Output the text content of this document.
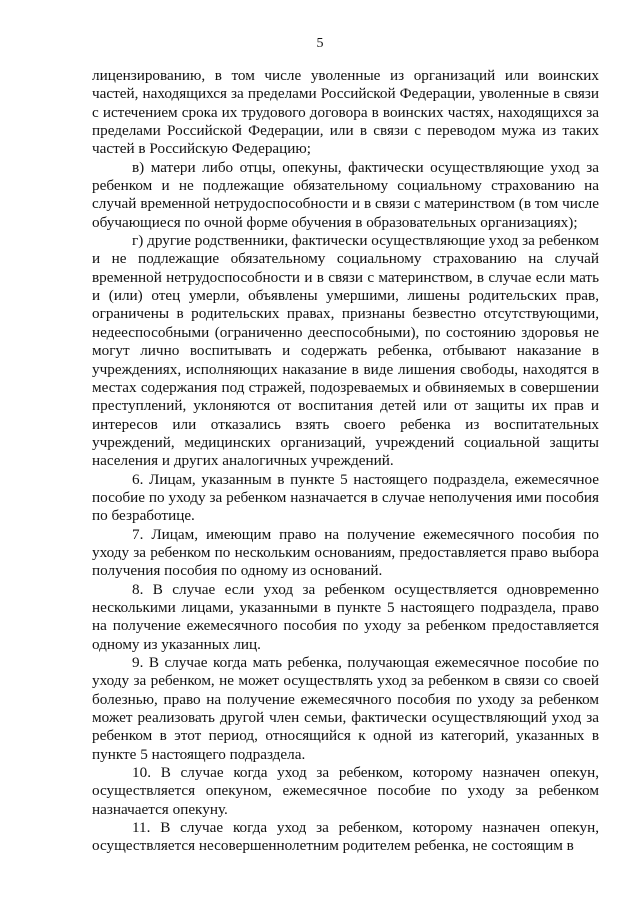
5

лицензированию, в том числе уволенные из организаций или воинских частей, находящихся за пределами Российской Федерации, уволенные в связи с истечением срока их трудового договора в воинских частях, находящихся за пределами Российской Федерации, или в связи с переводом мужа из таких частей в Российскую Федерацию;

в) матери либо отцы, опекуны, фактически осуществляющие уход за ребенком и не подлежащие обязательному социальному страхованию на случай временной нетрудоспособности и в связи с материнством (в том числе обучающиеся по очной форме обучения в образовательных организациях);

г) другие родственники, фактически осуществляющие уход за ребенком и не подлежащие обязательному социальному страхованию на случай временной нетрудоспособности и в связи с материнством, в случае если мать и (или) отец умерли, объявлены умершими, лишены родительских прав, ограничены в родительских правах, признаны безвестно отсутствующими, недееспособными (ограниченно дееспособными), по состоянию здоровья не могут лично воспитывать и содержать ребенка, отбывают наказание в учреждениях, исполняющих наказание в виде лишения свободы, находятся в местах содержания под стражей, подозреваемых и обвиняемых в совершении преступлений, уклоняются от воспитания детей или от защиты их прав и интересов или отказались взять своего ребенка из воспитательных учреждений, медицинских организаций, учреждений социальной защиты населения и других аналогичных учреждений.

6. Лицам, указанным в пункте 5 настоящего подраздела, ежемесячное пособие по уходу за ребенком назначается в случае неполучения ими пособия по безработице.

7. Лицам, имеющим право на получение ежемесячного пособия по уходу за ребенком по нескольким основаниям, предоставляется право выбора получения пособия по одному из оснований.

8. В случае если уход за ребенком осуществляется одновременно несколькими лицами, указанными в пункте 5 настоящего подраздела, право на получение ежемесячного пособия по уходу за ребенком предоставляется одному из указанных лиц.

9. В случае когда мать ребенка, получающая ежемесячное пособие по уходу за ребенком, не может осуществлять уход за ребенком в связи со своей болезнью, право на получение ежемесячного пособия по уходу за ребенком может реализовать другой член семьи, фактически осуществляющий уход за ребенком в этот период, относящийся к одной из категорий, указанных в пункте 5 настоящего подраздела.

10. В случае когда уход за ребенком, которому назначен опекун, осуществляется опекуном, ежемесячное пособие по уходу за ребенком назначается опекуну.

11. В случае когда уход за ребенком, которому назначен опекун, осуществляется несовершеннолетним родителем ребенка, не состоящим в
